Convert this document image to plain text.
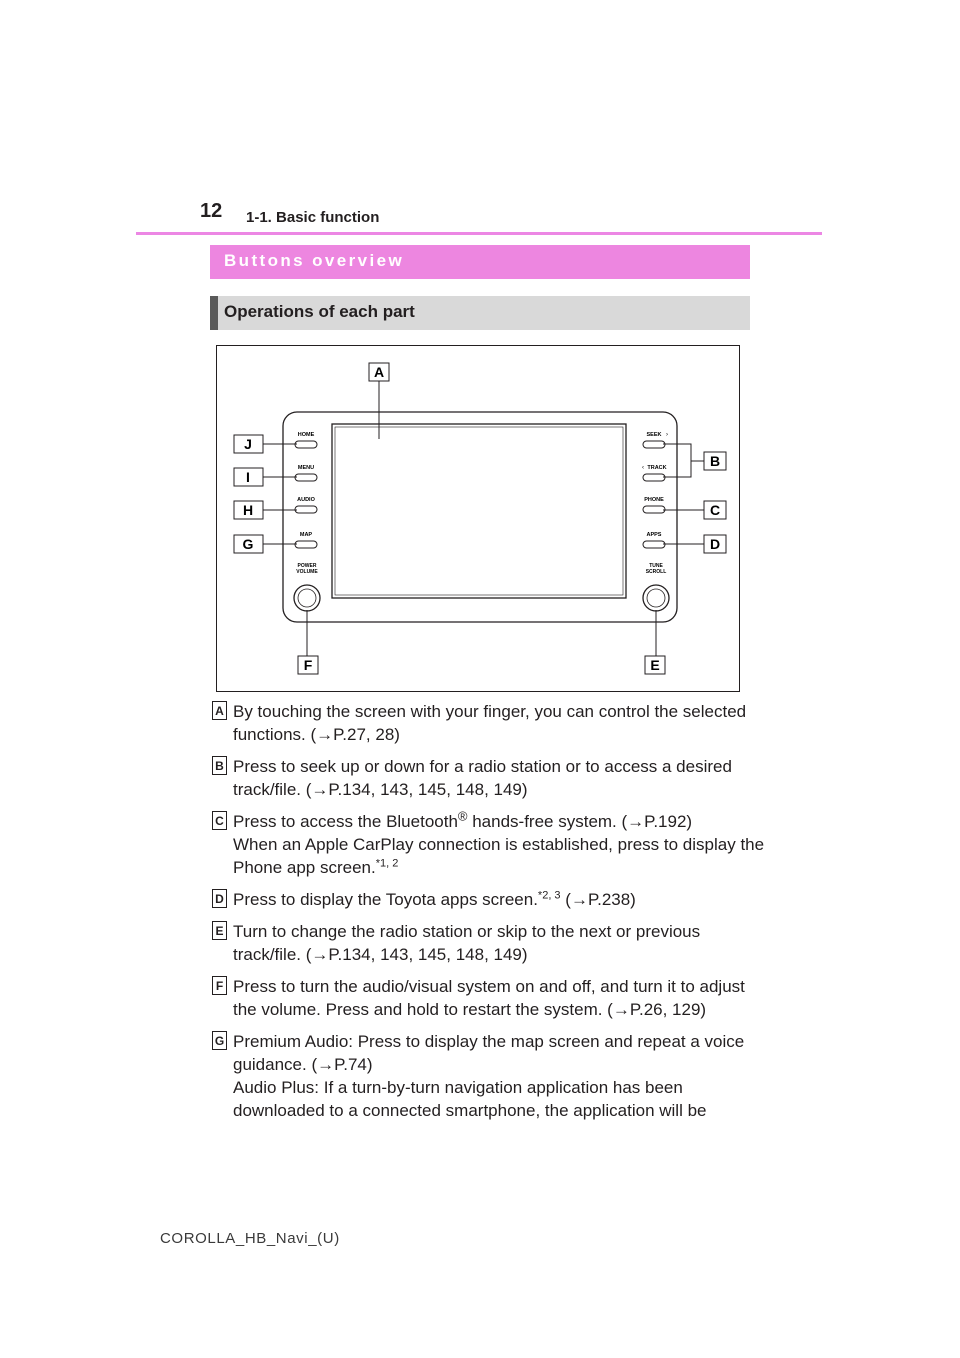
12 1-1. Basic function
Buttons overview
Operations of each part
HOME
MENU
AUDIO
MAP
POWER
VOLUME
SEEK ›
‹ TRACK
PHONE
APPS
TUNE
SCROLL
A
J
I
H
G
B
C
D
F	E
A By touching the screen with your finger, you can control the selected functions. (→P.27, 28)

B Press to seek up or down for a radio station or to access a desired track/file. (→P.134, 143, 145, 148, 149)

C Press to access the Bluetooth® hands-free system. (→P.192)

When an Apple CarPlay connection is established, press to display the Phone app screen.$^{*1, 2}$

D Press to display the Toyota apps screen.$^{*2, 3}$ (→P.238)

E Turn to change the radio station or skip to the next or previous track/file. (→P.134, 143, 145, 148, 149)

F Press to turn the audio/visual system on and off, and turn it to adjust the volume. Press and hold to restart the system. (→P.26, 129)

G Premium Audio: Press to display the map screen and repeat a voice guidance. (→P.74)

Audio Plus: If a turn-by-turn navigation application has been downloaded to a connected smartphone, the application will be

COROLLA_HB_Navi_(U)
